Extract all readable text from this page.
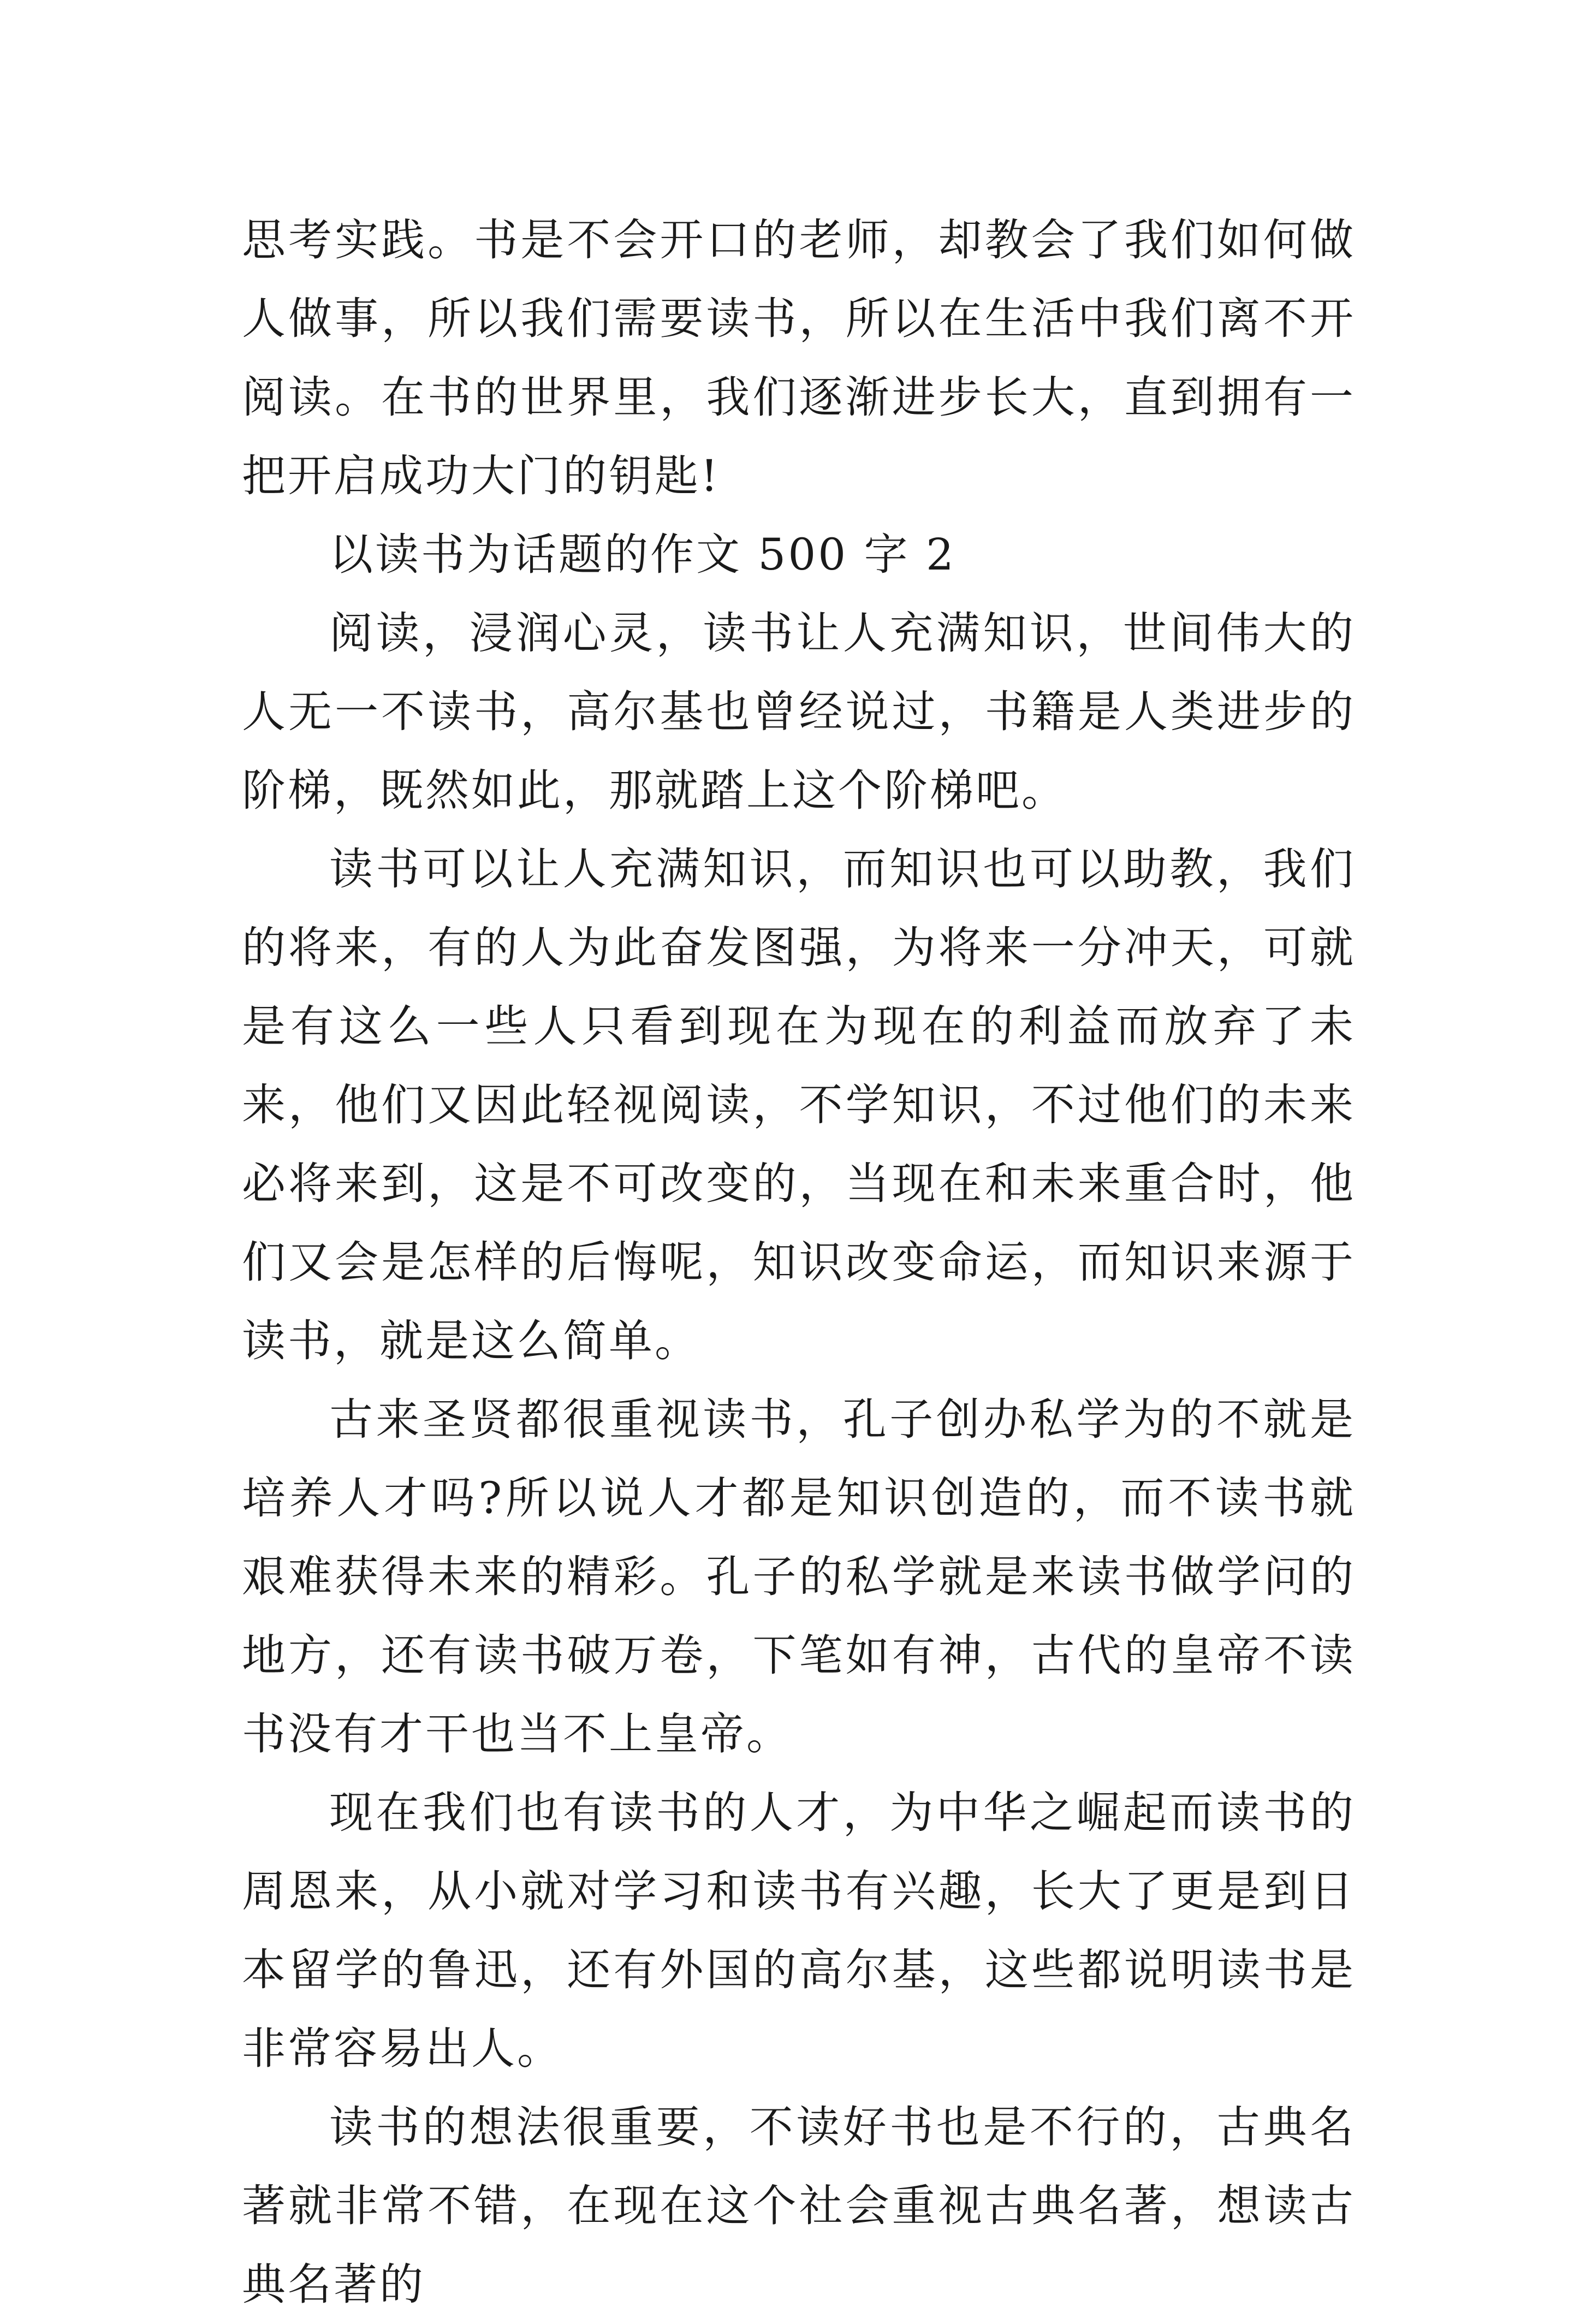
思考实践。书是不会开口的老师，却教会了我们如何做人做事，所以我们需要读书，所以在生活中我们离不开阅读。在书的世界里，我们逐渐进步长大，直到拥有一把开启成功大门的钥匙!

以读书为话题的作文 500 字 2

阅读，浸润心灵，读书让人充满知识，世间伟大的人无一不读书，高尔基也曾经说过，书籍是人类进步的阶梯，既然如此，那就踏上这个阶梯吧。

读书可以让人充满知识，而知识也可以助教，我们的将来，有的人为此奋发图强，为将来一分冲天，可就是有这么一些人只看到现在为现在的利益而放弃了未来，他们又因此轻视阅读，不学知识，不过他们的未来必将来到，这是不可改变的，当现在和未来重合时，他们又会是怎样的后悔呢，知识改变命运，而知识来源于读书，就是这么简单。

古来圣贤都很重视读书，孔子创办私学为的不就是培养人才吗?所以说人才都是知识创造的，而不读书就艰难获得未来的精彩。孔子的私学就是来读书做学问的地方，还有读书破万卷，下笔如有神，古代的皇帝不读书没有才干也当不上皇帝。

现在我们也有读书的人才，为中华之崛起而读书的周恩来，从小就对学习和读书有兴趣，长大了更是到日本留学的鲁迅，还有外国的高尔基，这些都说明读书是非常容易出人。

读书的想法很重要，不读好书也是不行的，古典名著就非常不错，在现在这个社会重视古典名著，想读古典名著的
